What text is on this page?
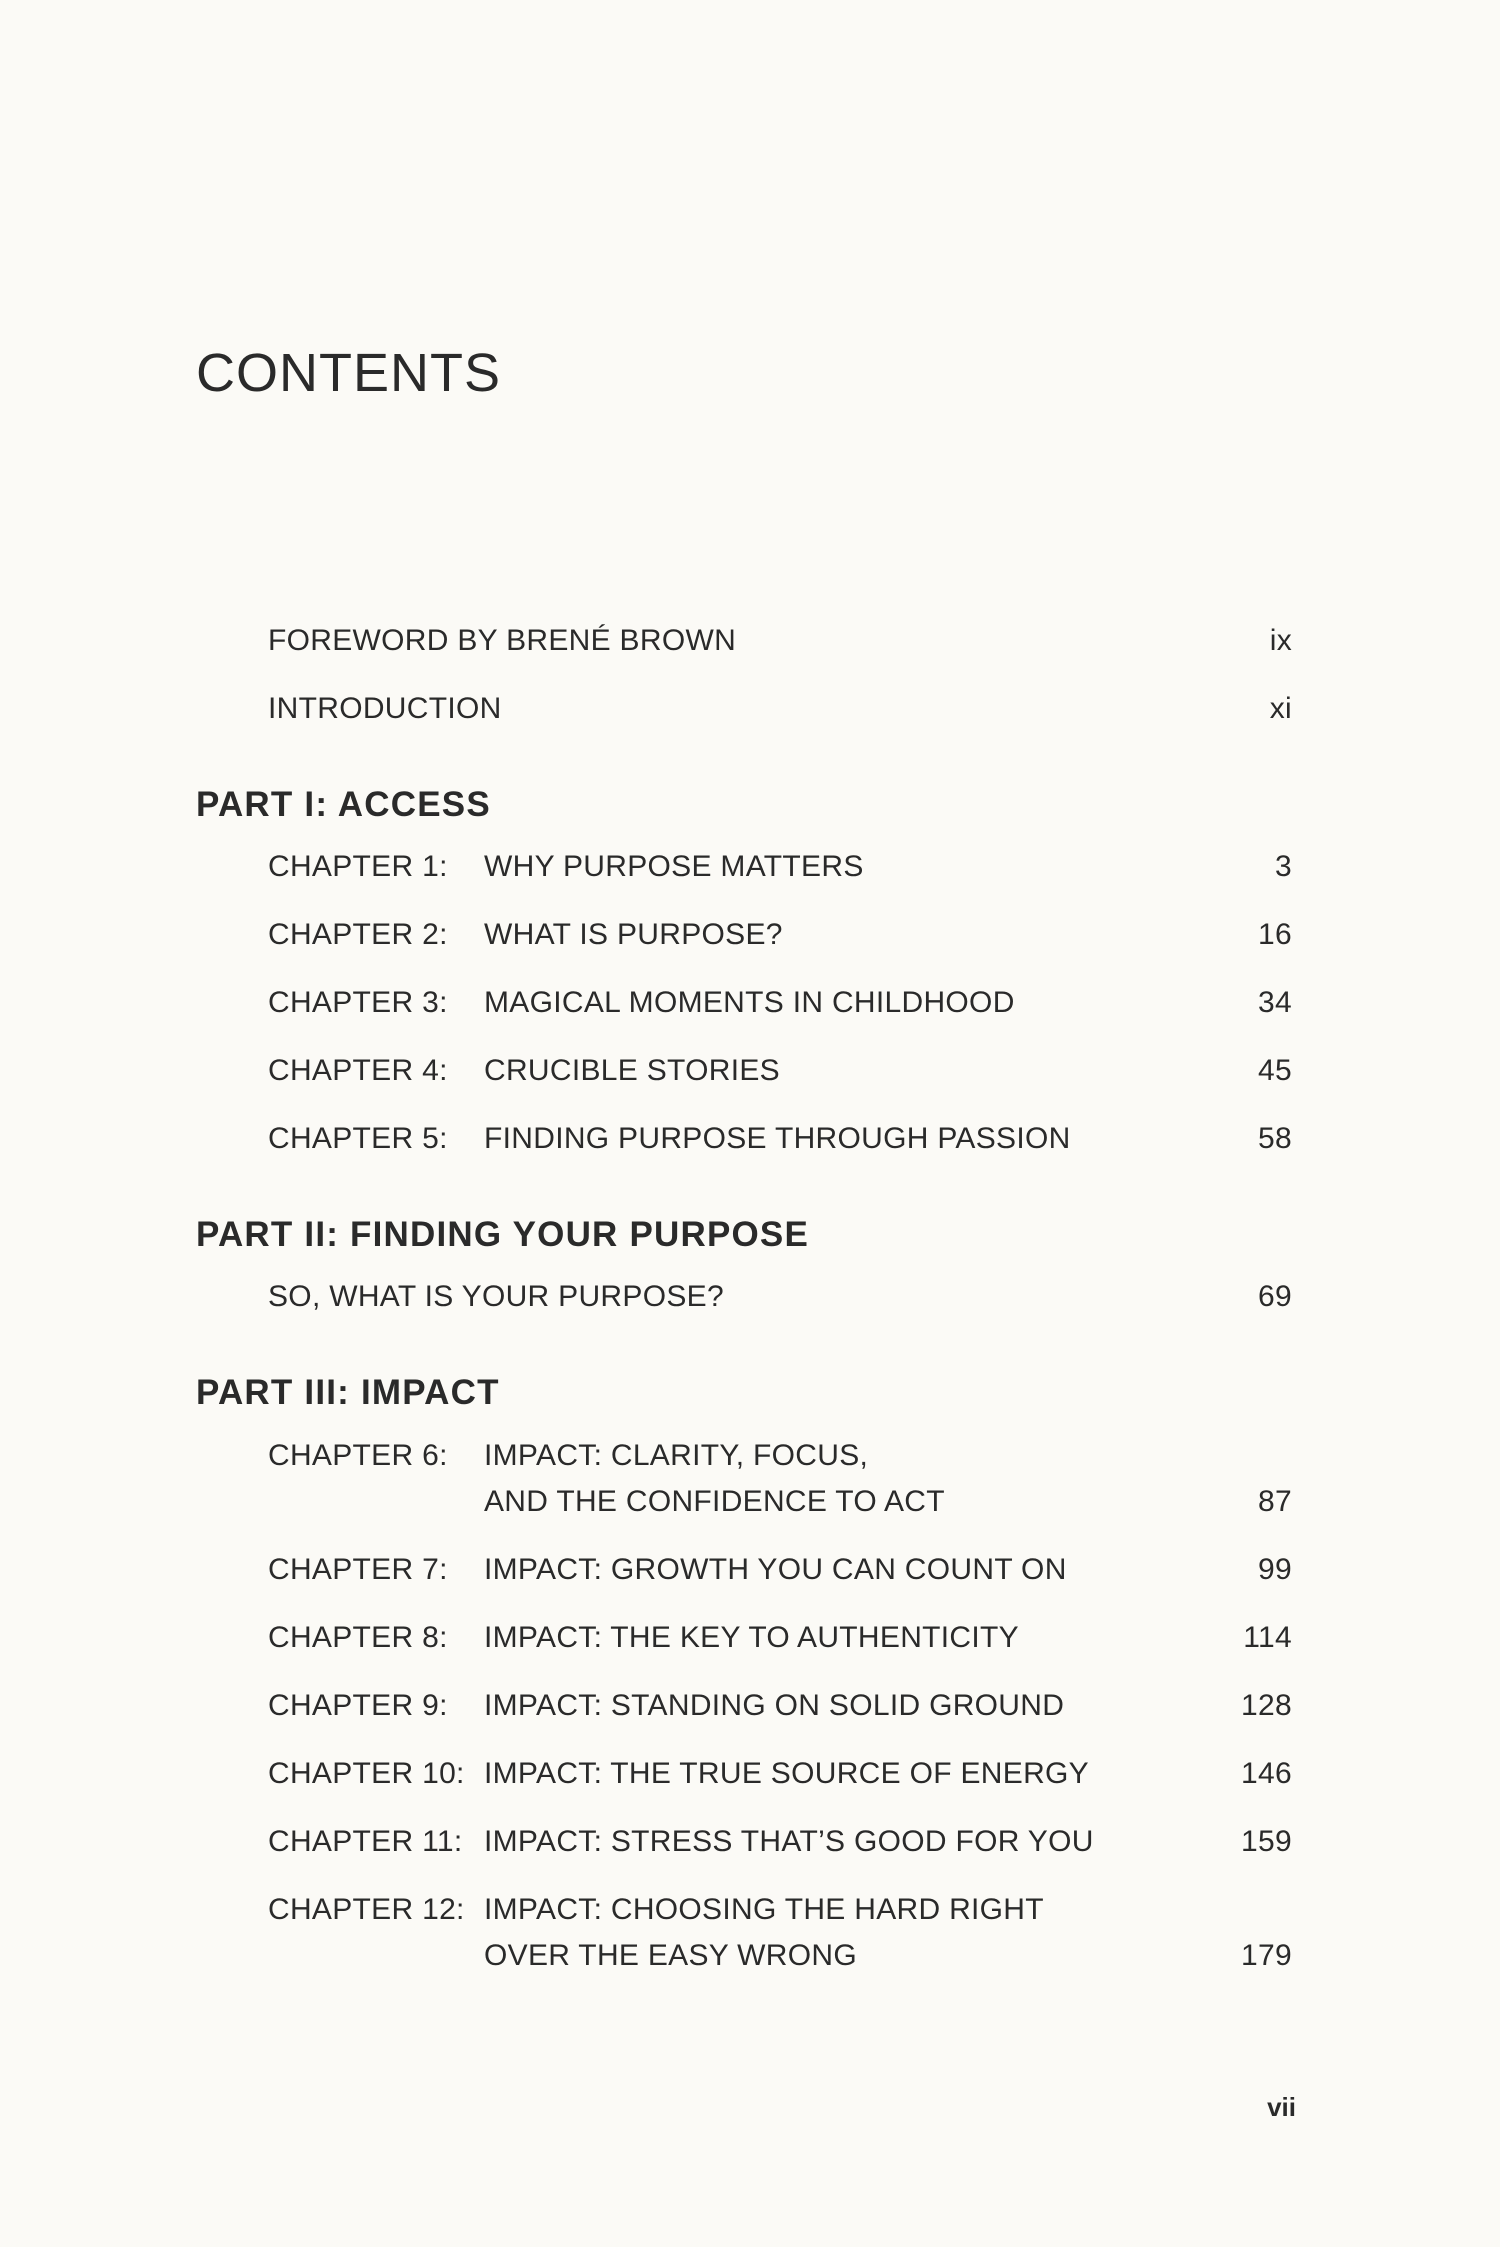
CONTENTS
FOREWORD BY BRENÉ BROWN	ix
INTRODUCTION	xi
PART I: ACCESS
CHAPTER 1: WHY PURPOSE MATTERS	3
CHAPTER 2: WHAT IS PURPOSE?	16
CHAPTER 3: MAGICAL MOMENTS IN CHILDHOOD	34
CHAPTER 4: CRUCIBLE STORIES	45
CHAPTER 5: FINDING PURPOSE THROUGH PASSION	58
PART II: FINDING YOUR PURPOSE
SO, WHAT IS YOUR PURPOSE?	69
PART III: IMPACT
CHAPTER 6: IMPACT: CLARITY, FOCUS,
AND THE CONFIDENCE TO ACT	87
CHAPTER 7: IMPACT: GROWTH YOU CAN COUNT ON	99
CHAPTER 8: IMPACT: THE KEY TO AUTHENTICITY	114
CHAPTER 9: IMPACT: STANDING ON SOLID GROUND	128
CHAPTER 10: IMPACT: THE TRUE SOURCE OF ENERGY	146
CHAPTER 11: IMPACT: STRESS THAT’S GOOD FOR YOU	159
CHAPTER 12: IMPACT: CHOOSING THE HARD RIGHT
OVER THE EASY WRONG	179
vii
